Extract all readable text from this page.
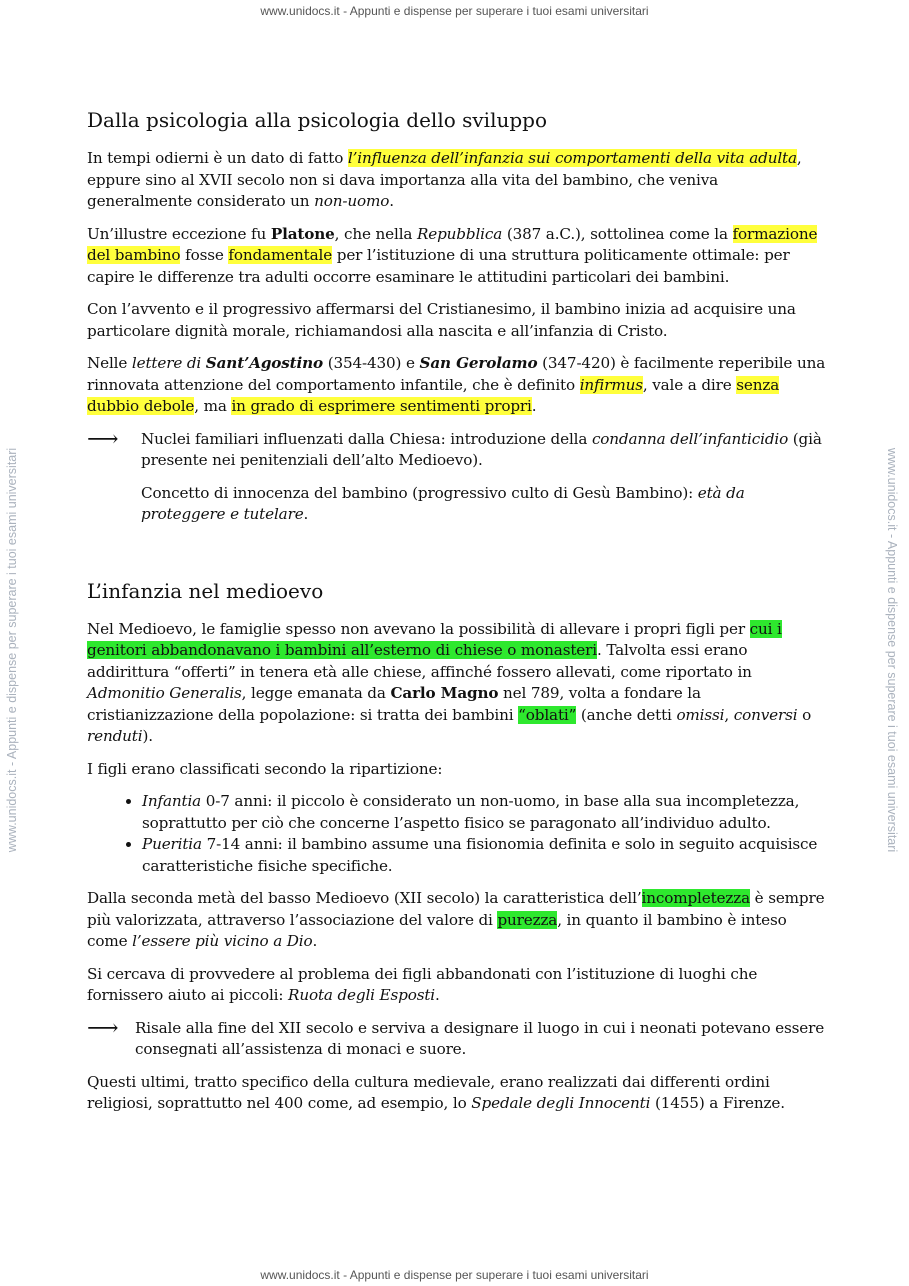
www.unidocs.it - Appunti e dispense per superare i tuoi esami universitari
www.unidocs.it - Appunti e dispense per superare i tuoi esami universitari	www.unidocs.it - Appunti e dispense per superare i tuoi esami universitari
Dalla psicologia alla psicologia dello sviluppo

In tempi odierni è un dato di fatto l’influenza dell’infanzia sui comportamenti della vita adulta, eppure sino al XVII secolo non si dava importanza alla vita del bambino, che veniva generalmente considerato un non-uomo.

Un’illustre eccezione fu Platone, che nella Repubblica (387 a.C.), sottolinea come la formazione del bambino fosse fondamentale per l’istituzione di una struttura politicamente ottimale: per capire le differenze tra adulti occorre esaminare le attitudini particolari dei bambini.

Con l’avvento e il progressivo affermarsi del Cristianesimo, il bambino inizia ad acquisire una particolare dignità morale, richiamandosi alla nascita e all’infanzia di Cristo.

Nelle lettere di Sant’Agostino (354-430) e San Gerolamo (347-420) è facilmente reperibile una rinnovata attenzione del comportamento infantile, che è definito infirmus, vale a dire senza dubbio debole, ma in grado di esprimere sentimenti propri.

⟶	Nuclei familiari influenzati dalla Chiesa: introduzione della condanna dell’infanticidio (già presente nei penitenziali dell’alto Medioevo).

Concetto di innocenza del bambino (progressivo culto di Gesù Bambino): età da proteggere e tutelare.

L’infanzia nel medioevo

Nel Medioevo, le famiglie spesso non avevano la possibilità di allevare i propri figli per cui i genitori abbandonavano i bambini all’esterno di chiese o monasteri. Talvolta essi erano addirittura “offerti” in tenera età alle chiese, affinché fossero allevati, come riportato in Admonitio Generalis, legge emanata da Carlo Magno nel 789, volta a fondare la cristianizzazione della popolazione: si tratta dei bambini “oblati” (anche detti omissi, conversi o renduti).

I figli erano classificati secondo la ripartizione:

• Infantia 0-7 anni: il piccolo è considerato un non-uomo, in base alla sua incompletezza, soprattutto per ciò che concerne l’aspetto fisico se paragonato all’individuo adulto.
• Pueritia 7-14 anni: il bambino assume una fisionomia definita e solo in seguito acquisisce caratteristiche fisiche specifiche.

Dalla seconda metà del basso Medioevo (XII secolo) la caratteristica dell’incompletezza è sempre più valorizzata, attraverso l’associazione del valore di purezza, in quanto il bambino è inteso come l’essere più vicino a Dio.

Si cercava di provvedere al problema dei figli abbandonati con l’istituzione di luoghi che fornissero aiuto ai piccoli: Ruota degli Esposti.

⟶	Risale alla fine del XII secolo e serviva a designare il luogo in cui i neonati potevano essere consegnati all’assistenza di monaci e suore.

Questi ultimi, tratto specifico della cultura medievale, erano realizzati dai differenti ordini religiosi, soprattutto nel 400 come, ad esempio, lo Spedale degli Innocenti (1455) a Firenze.

www.unidocs.it - Appunti e dispense per superare i tuoi esami universitari
